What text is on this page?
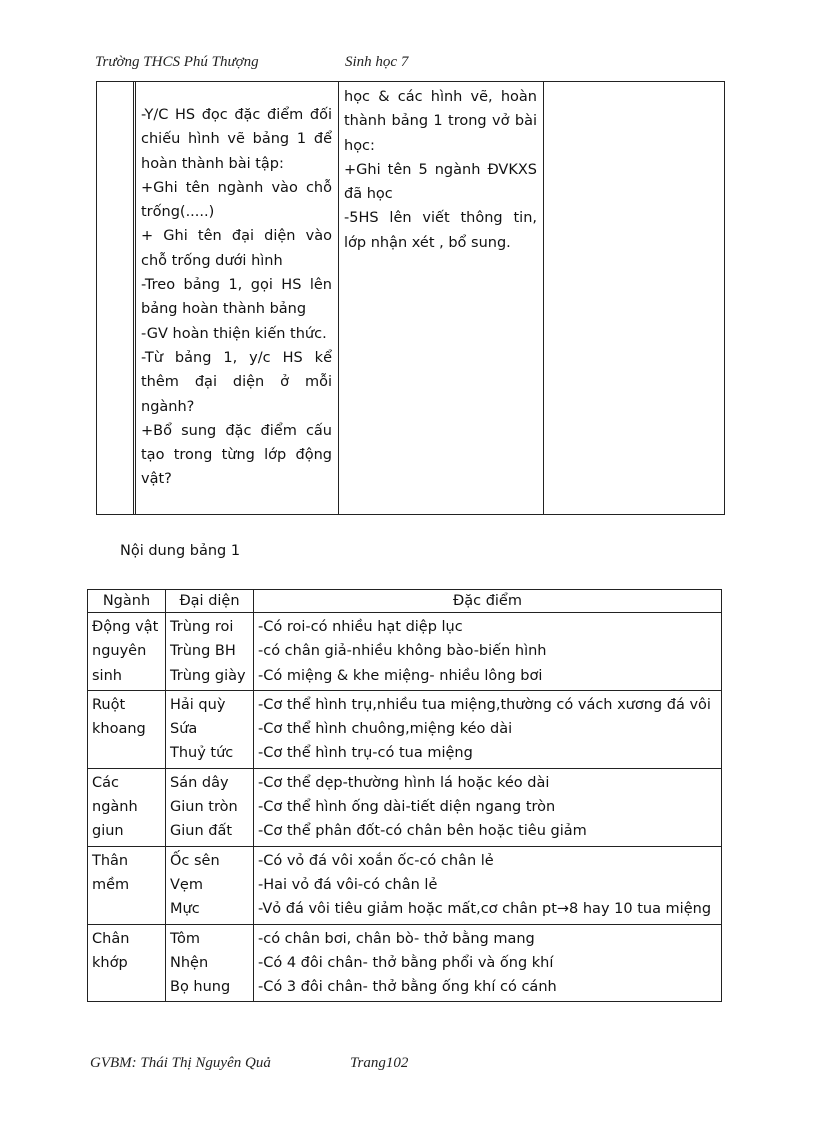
Trường THCS Phú Thượng	Sinh học 7

-Y/C HS đọc đặc điểm đối chiếu hình vẽ bảng 1 để hoàn thành bài tập:

+Ghi tên ngành vào chỗ trống(.....)

+ Ghi tên đại diện vào chỗ trống dưới hình

-Treo bảng 1, gọi HS lên bảng hoàn thành bảng

-GV hoàn thiện kiến thức.

-Từ bảng 1, y/c HS kể thêm đại diện ở mỗi ngành?

+Bổ sung đặc điểm cấu tạo trong từng lớp động vật?

học & các hình vẽ, hoàn thành bảng 1 trong vở bài học:

+Ghi tên 5 ngành ĐVKXS đã học

-5HS lên viết thông tin, lớp nhận xét , bổ sung.

Nội dung bảng 1
Ngành	Đại diện	Đặc điểm
Động vật nguyên sinh	Trùng roi
Trùng BH
Trùng giày	-Có roi-có nhiều hạt diệp lục
-có chân giả-nhiều không bào-biến hình
-Có miệng & khe miệng- nhiều lông bơi

Ruột khoang	Hải quỳ
Sứa
Thuỷ tức	-Cơ thể hình trụ,nhiều tua miệng,thường có vách xương đá vôi
-Cơ thể hình chuông,miệng kéo dài
-Cơ thể hình trụ-có tua miệng

Các ngành giun	Sán dây
Giun tròn
Giun đất	-Cơ thể dẹp-thường hình lá hoặc kéo dài
-Cơ thể hình ống dài-tiết diện ngang tròn
-Cơ thể phân đốt-có chân bên hoặc tiêu giảm

Thân mềm	Ốc sên
Vẹm
Mực	-Có vỏ đá vôi xoắn ốc-có chân lẻ
-Hai vỏ đá vôi-có chân lẻ
-Vỏ đá vôi tiêu giảm hoặc mất,cơ chân pt→8 hay 10 tua miệng

Chân khớp	Tôm
Nhện
Bọ hung	-có chân bơi, chân bò- thở bằng mang
-Có 4 đôi chân- thở bằng phổi và ống khí
-Có 3 đôi chân- thở bằng ống khí có cánh
GVBM: Thái Thị Nguyên Quả	Trang102
